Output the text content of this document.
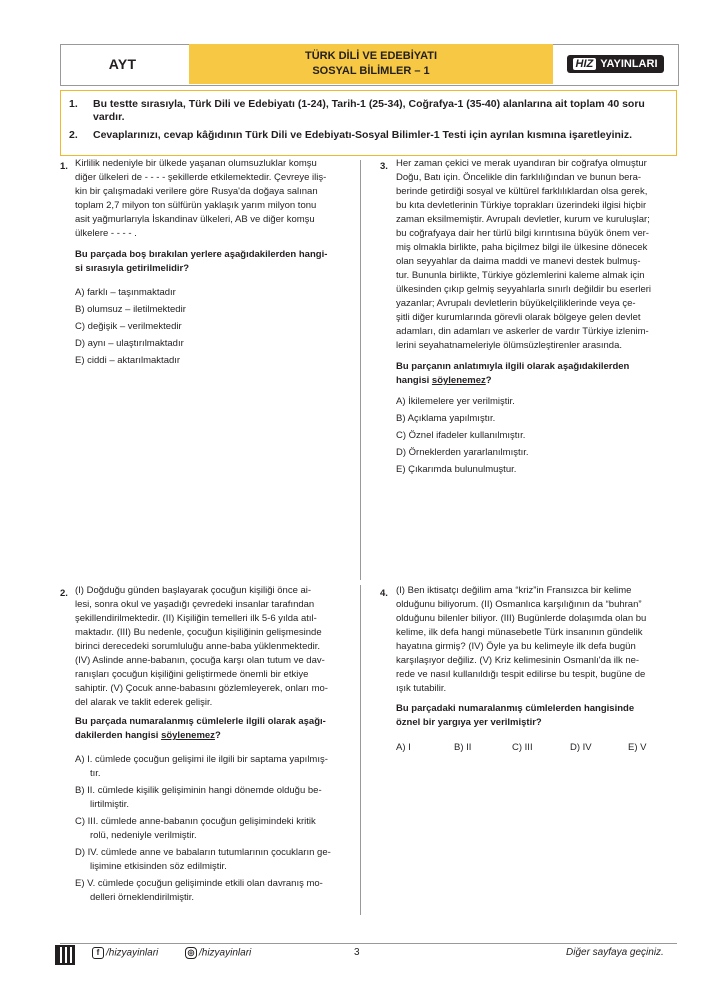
AYT	TÜRK DİLİ VE EDEBİYATI
SOSYAL BİLİMLER – 1
HIZ YAYINLARI
1. Bu testte sırasıyla, Türk Dili ve Edebiyatı (1-24), Tarih-1 (25-34), Coğrafya-1 (35-40) alanlarına ait toplam 40 soru vardır.
2. Cevaplarınızı, cevap kâğıdının Türk Dili ve Edebiyatı-Sosyal Bilimler-1 Testi için ayrılan kısmına işaretleyiniz.
1. Kirlilik nedeniyle bir ülkede yaşanan olumsuzluklar komşu
diğer ülkeleri de - - - - şekillerde etkilemektedir. Çevreye iliş-
kin bir çalışmadaki verilere göre Rusya'da doğaya salınan
toplam 2,7 milyon ton sülfürün yaklaşık yarım milyon tonu
asit yağmurlarıyla İskandinav ülkeleri, AB ve diğer komşu
ülkelere - - - - .
Bu parçada boş bırakılan yerlere aşağıdakilerden hangi-
si sırasıyla getirilmelidir?
A) farklı – taşınmaktadır
B) olumsuz – iletilmektedir
C) değişik – verilmektedir
D) aynı – ulaştırılmaktadır
E) ciddi – aktarılmaktadır
3. Her zaman çekici ve merak uyandıran bir coğrafya olmuştur
Doğu, Batı için. Öncelikle din farklılığından ve bunun bera-
berinde getirdiği sosyal ve kültürel farklılıklardan olsa gerek,
bu kıta devletlerinin Türkiye toprakları üzerindeki ilgisi hiçbir
zaman eksilmemiştir. Avrupalı devletler, kurum ve kuruluşlar;
bu coğrafyaya dair her türlü bilgi kırıntısına büyük önem ver-
miş olmakla birlikte, paha biçilmez bilgi ile ülkesine dönecek
olan seyyahlar da daima maddi ve manevi destek bulmuş-
tur. Bununla birlikte, Türkiye gözlemlerini kaleme almak için
ülkesinden çıkıp gelmiş seyyahlarla sınırlı değildir bu eserleri
yazanlar; Avrupalı devletlerin büyükelçiliklerinde veya çe-
şitli diğer kurumlarında görevli olarak bölgeye gelen devlet
adamları, din adamları ve askerler de vardır Türkiye izlenim-
lerini seyahatnameleriyle ölümsüzleştirenler arasında.
Bu parçanın anlatımıyla ilgili olarak aşağıdakilerden
hangisi söylenemez?
A) İkilemelere yer verilmiştir.
B) Açıklama yapılmıştır.
C) Öznel ifadeler kullanılmıştır.
D) Örneklerden yararlanılmıştır.
E) Çıkarımda bulunulmuştur.
2. (I) Doğduğu günden başlayarak çocuğun kişiliği önce ai-
lesi, sonra okul ve yaşadığı çevredeki insanlar tarafından
şekillendirilmektedir. (II) Kişiliğin temelleri ilk 5-6 yılda atıl-
maktadır. (III) Bu nedenle, çocuğun kişiliğinin gelişmesinde
birinci derecedeki sorumluluğu anne-baba yüklenmektedir.
(IV) Aslinde anne-babanın, çocuğa karşı olan tutum ve dav-
ranışları çocuğun kişiliğini geliştirmede önemli bir etkiye
sahiptir. (V) Çocuk anne-babasını gözlemleyerek, onları mo-
del alarak ve taklit ederek gelişir.
Bu parçada numaralanmış cümlelerle ilgili olarak aşağı-
dakilerden hangisi söylenemez?
A) I. cümlede çocuğun gelişimi ile ilgili bir saptama yapılmış-
tır.
B) II. cümlede kişilik gelişiminin hangi dönemde olduğu be-
lirtilmiştir.
C) III. cümlede anne-babanın çocuğun gelişimindeki kritik
rolü, nedeniyle verilmiştir.
D) IV. cümlede anne ve babaların tutumlarının çocukların ge-
lişimine etkisinden söz edilmiştir.
E) V. cümlede çocuğun gelişiminde etkili olan davranış mo-
delleri örneklendirilmiştir.
4. (I) Ben iktisatçı değilim ama “kriz”in Fransızca bir kelime
olduğunu biliyorum. (II) Osmanlıca karşılığının da “buhran”
olduğunu bilenler biliyor. (III) Bugünlerde dolaşımda olan bu
kelime, ilk defa hangi münasebetle Türk insanının gündelik
hayatına girmiş? (IV) Öyle ya bu kelimeyle ilk defa bugün
karşılaşıyor değiliz. (V) Kriz kelimesinin Osmanlı'da ilk ne-
rede ve nasıl kullanıldığı tespit edilirse bu tespit, bugüne de
ışık tutabilir.
Bu parçadaki numaralanmış cümlelerden hangisinde
öznel bir yargıya yer verilmiştir?
A) I	B) II	C) III	D) IV	E) V
f /hizyayinlari	◎ /hizyayinlari	3	Diğer sayfaya geçiniz.
